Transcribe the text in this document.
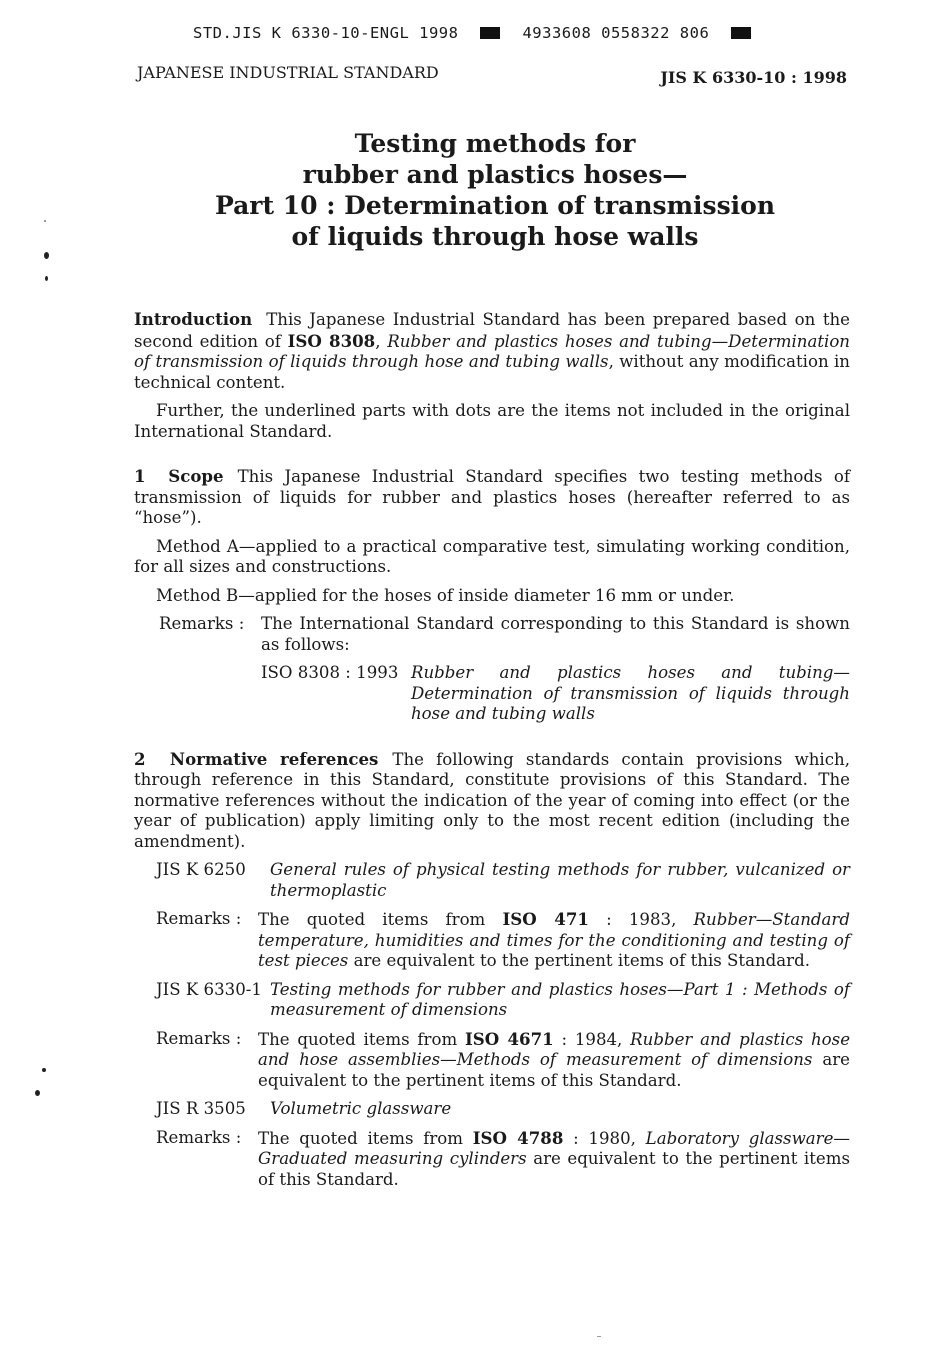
STD.JIS K 6330-10-ENGL 1998	4933608 0558322 806
JAPANESE INDUSTRIAL STANDARD	JIS K 6330-10 : 1998
Testing methods for
rubber and plastics hoses—
Part 10 : Determination of transmission
of liquids through hose walls

Introduction This Japanese Industrial Standard has been prepared based on the second edition of ISO 8308, Rubber and plastics hoses and tubing—Determination of transmission of liquids through hose and tubing walls, without any modification in technical content.

Further, the underlined parts with dots are the items not included in the original International Standard.

1 Scope This Japanese Industrial Standard specifies two testing methods of transmission of liquids for rubber and plastics hoses (hereafter referred to as “hose”).

Method A—applied to a practical comparative test, simulating working condition, for all sizes and constructions.

Method B—applied for the hoses of inside diameter 16 mm or under.

Remarks :	The International Standard corresponding to this Standard is shown as follows:
ISO 8308 : 1993 Rubber and plastics hoses and tubing—Determination of transmission of liquids through hose and tubing walls

2 Normative references The following standards contain provisions which, through reference in this Standard, constitute provisions of this Standard. The normative references without the indication of the year of coming into effect (or the year of publication) apply limiting only to the most recent edition (including the amendment).

JIS K 6250	General rules of physical testing methods for rubber, vulcanized or thermoplastic
Remarks :	The quoted items from ISO 471 : 1983, Rubber—Standard temperature, humidities and times for the conditioning and testing of test pieces are equivalent to the pertinent items of this Standard.
JIS K 6330-1 Testing methods for rubber and plastics hoses—Part 1 : Methods of measurement of dimensions
Remarks :	The quoted items from ISO 4671 : 1984, Rubber and plastics hose and hose assemblies—Methods of measurement of dimensions are equivalent to the pertinent items of this Standard.
JIS R 3505	Volumetric glassware
Remarks :	The quoted items from ISO 4788 : 1980, Laboratory glassware—Graduated measuring cylinders are equivalent to the pertinent items of this Standard.
